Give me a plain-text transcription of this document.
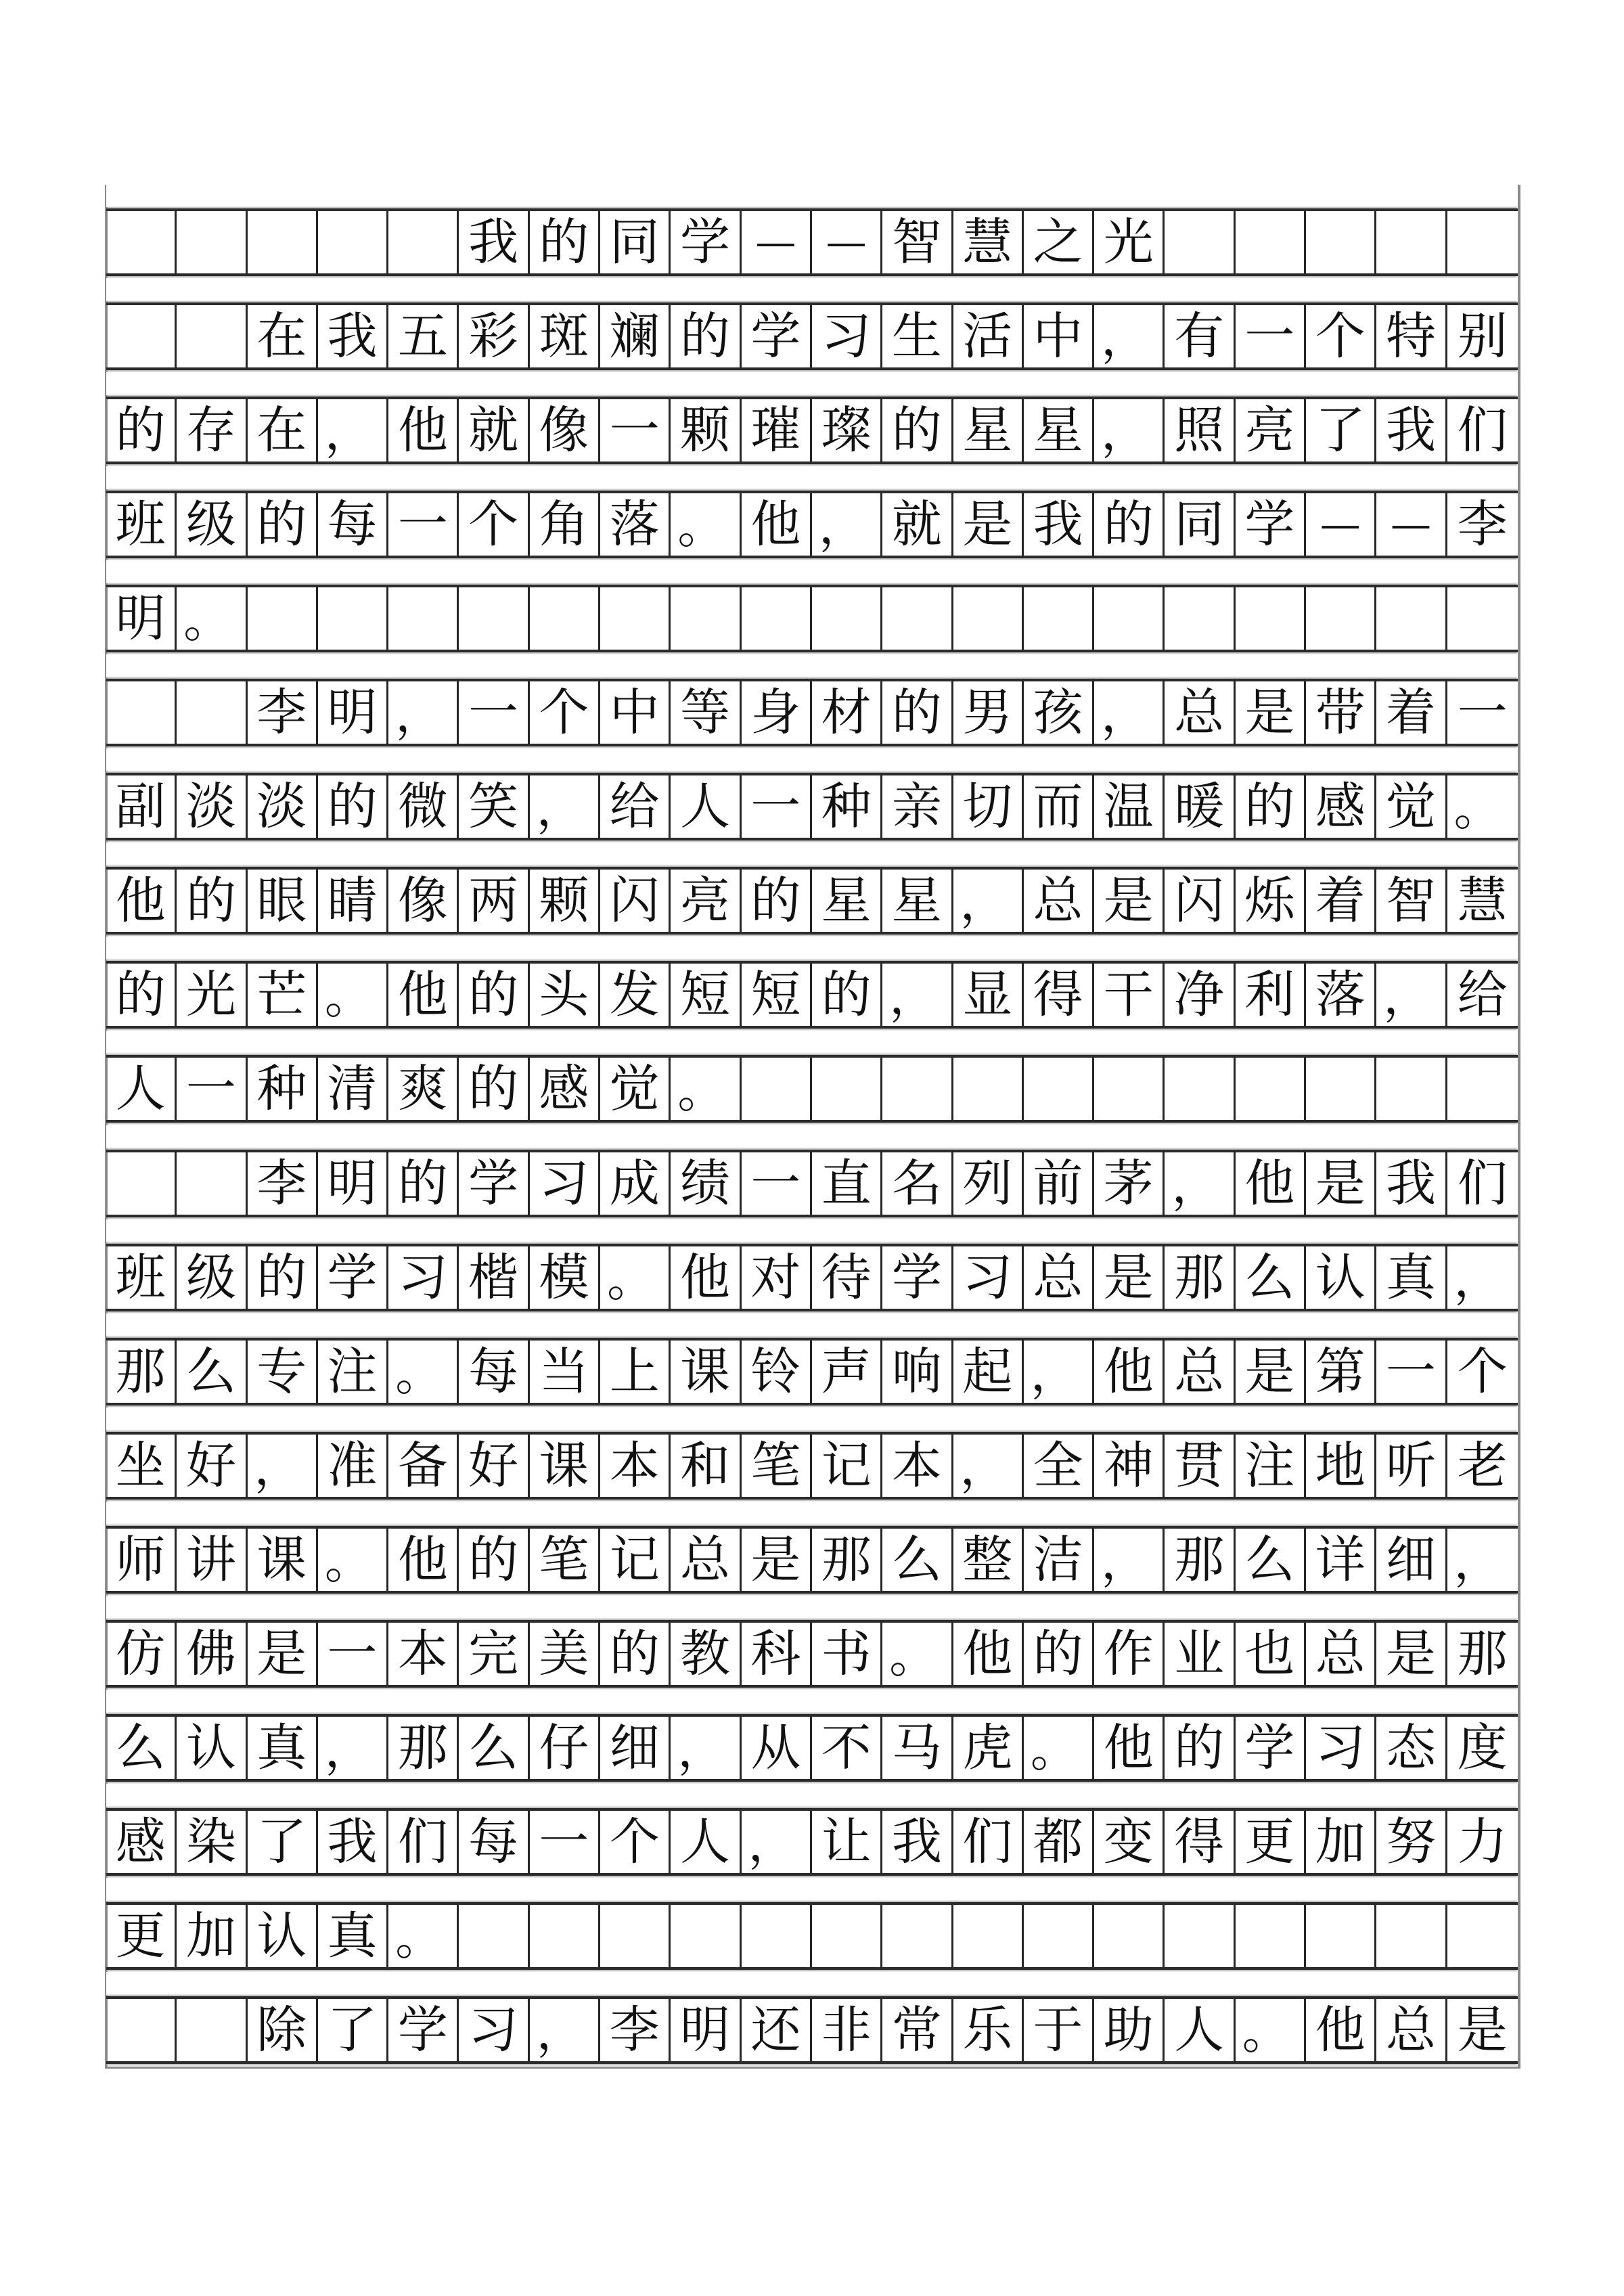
我 的 同 学 — — 智 慧 之 光
在 我 五 彩 斑 斓 的 学 习 生 活 中 ， 有 一 个 特 别
的 存 在 ， 他 就 像 一 颗 璀 璨 的 星 星 ， 照 亮 了 我 们
班 级 的 每 一 个 角 落 。 他 ， 就 是 我 的 同 学 — — 李
明 。
李 明 ， 一 个 中 等 身 材 的 男 孩 ， 总 是 带 着 一
副 淡 淡 的 微 笑 ， 给 人 一 种 亲 切 而 温 暖 的 感 觉 。
他 的 眼 睛 像 两 颗 闪 亮 的 星 星 ， 总 是 闪 烁 着 智 慧
的 光 芒 。 他 的 头 发 短 短 的 ， 显 得 干 净 利 落 ， 给
人 一 种 清 爽 的 感 觉 。
李 明 的 学 习 成 绩 一 直 名 列 前 茅 ， 他 是 我 们
班 级 的 学 习 楷 模 。 他 对 待 学 习 总 是 那 么 认 真 ，
那 么 专 注 。 每 当 上 课 铃 声 响 起 ， 他 总 是 第 一 个
坐 好 ， 准 备 好 课 本 和 笔 记 本 ， 全 神 贯 注 地 听 老
师 讲 课 。 他 的 笔 记 总 是 那 么 整 洁 ， 那 么 详 细 ，
仿 佛 是 一 本 完 美 的 教 科 书 。 他 的 作 业 也 总 是 那
么 认 真 ， 那 么 仔 细 ， 从 不 马 虎 。 他 的 学 习 态 度
感 染 了 我 们 每 一 个 人 ， 让 我 们 都 变 得 更 加 努 力
更 加 认 真 。
除 了 学 习 ， 李 明 还 非 常 乐 于 助 人 。 他 总 是
